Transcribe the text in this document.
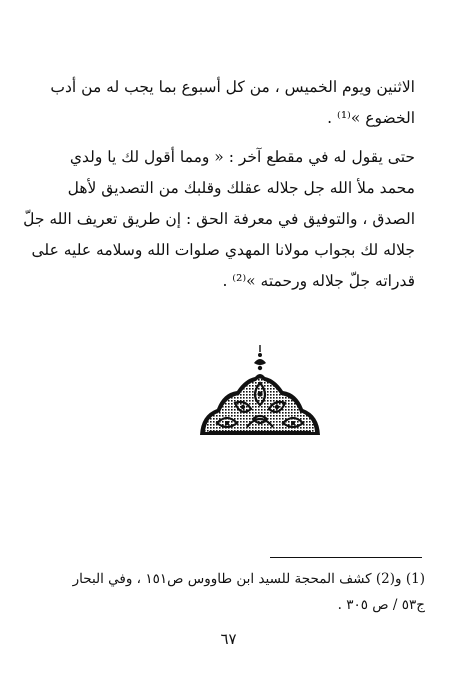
الاثنين ويوم الخميس ، من كل أسبوع بما يجب له من أدب
الخضوع »⁽¹⁾ .
حتى يقول له في مقطع آخر : « ومما أقول لك يا ولدي
محمد ملأ الله جل جلاله عقلك وقلبك من التصديق لأهل
الصدق ، والتوفيق في معرفة الحق : إن طريق تعريف الله جلّ
جلاله لك بجواب مولانا المهدي صلوات الله وسلامه عليه على
قدراته جلّ جلاله ورحمته »⁽²⁾ .
(1) و(2) كشف المحجة للسيد ابن طاووس ص١٥١ ، وفي البحار
ج٥٣ / ص ٣٠٥ .
٦٧
